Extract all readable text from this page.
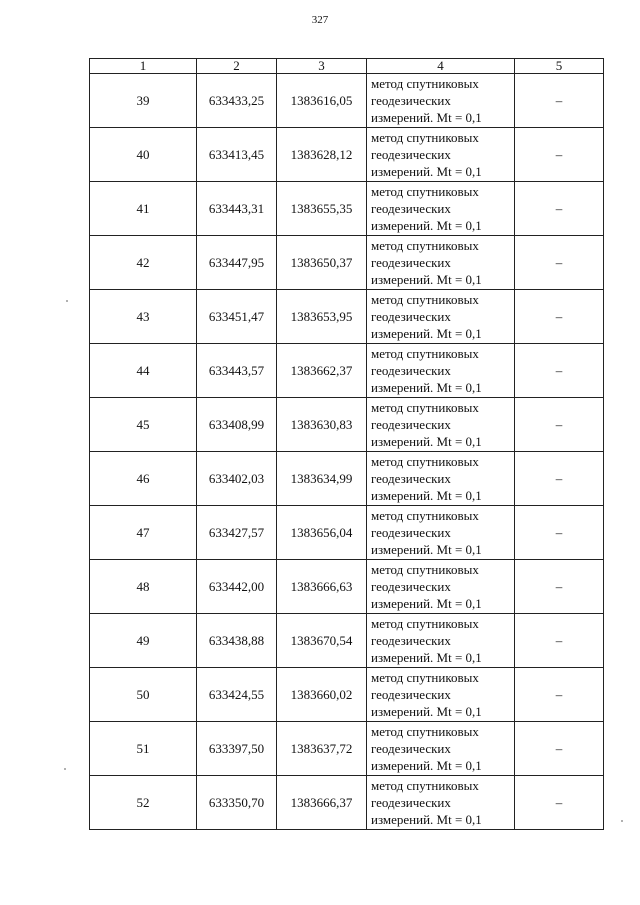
327
1	2	3	4	5
39	633433,25	1383616,05	метод спутниковых
геодезических
измерений. Mt = 0,1	–
40	633413,45	1383628,12	метод спутниковых
геодезических
измерений. Mt = 0,1	–
41	633443,31	1383655,35	метод спутниковых
геодезических
измерений. Mt = 0,1	–
42	633447,95	1383650,37	метод спутниковых
геодезических
измерений. Mt = 0,1	–
43	633451,47	1383653,95	метод спутниковых
геодезических
измерений. Mt = 0,1	–
44	633443,57	1383662,37	метод спутниковых
геодезических
измерений. Mt = 0,1	–
45	633408,99	1383630,83	метод спутниковых
геодезических
измерений. Mt = 0,1	–
46	633402,03	1383634,99	метод спутниковых
геодезических
измерений. Mt = 0,1	–
47	633427,57	1383656,04	метод спутниковых
геодезических
измерений. Mt = 0,1	–
48	633442,00	1383666,63	метод спутниковых
геодезических
измерений. Mt = 0,1	–
49	633438,88	1383670,54	метод спутниковых
геодезических
измерений. Mt = 0,1	–
50	633424,55	1383660,02	метод спутниковых
геодезических
измерений. Mt = 0,1	–
51	633397,50	1383637,72	метод спутниковых
геодезических
измерений. Mt = 0,1	–
52	633350,70	1383666,37	метод спутниковых
геодезических
измерений. Mt = 0,1	–
